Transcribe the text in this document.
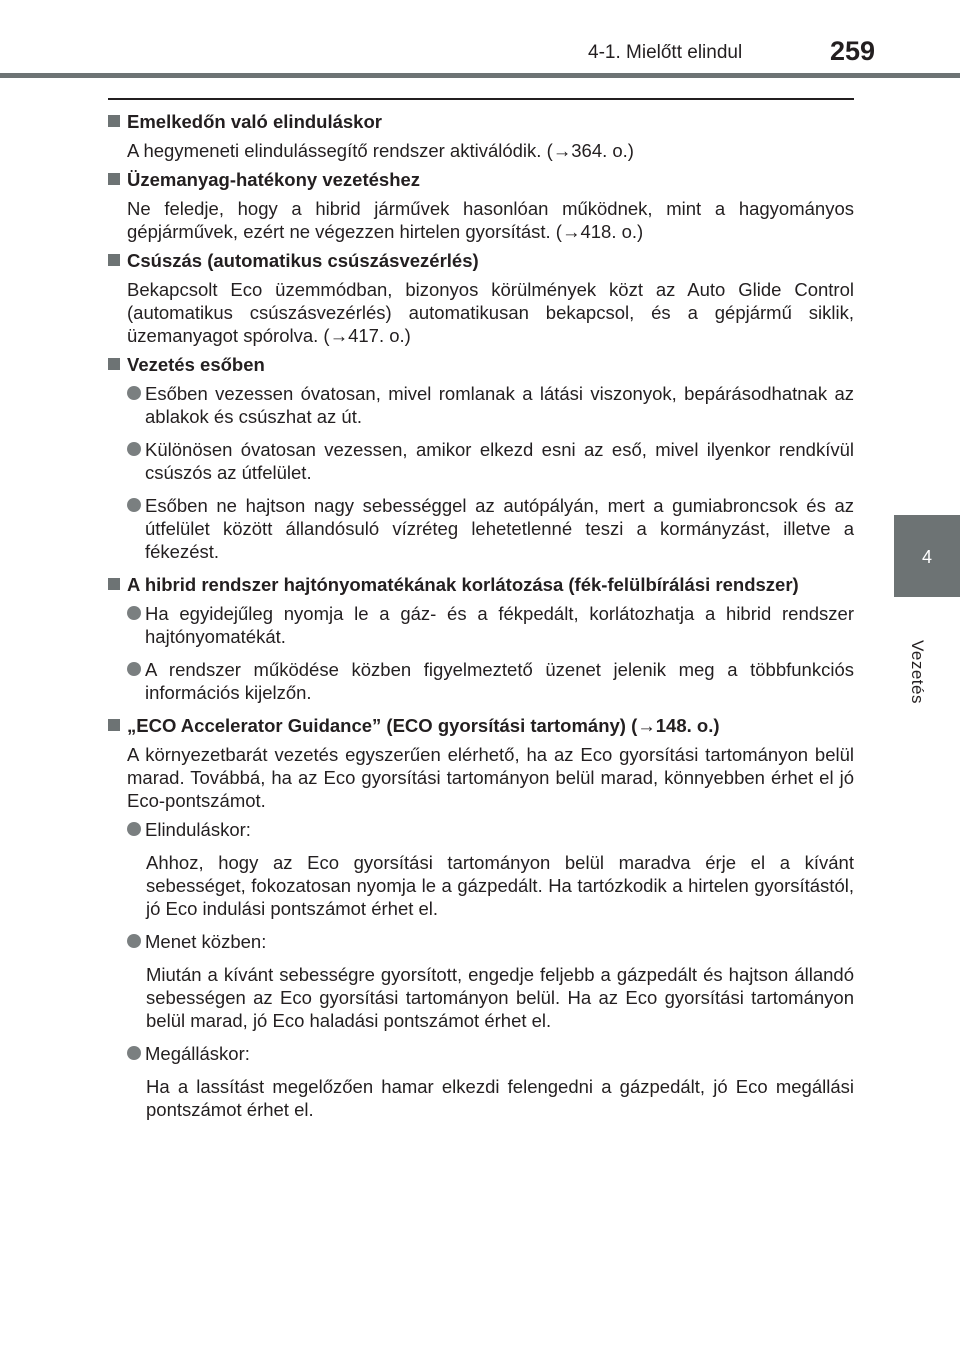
4-1. Mielőtt elindul	259
4
Vezetés
Emelkedőn való elinduláskor
A hegymeneti elindulássegítő rendszer aktiválódik. (→364. o.)
Üzemanyag-hatékony vezetéshez
Ne feledje, hogy a hibrid járművek hasonlóan működnek, mint a hagyományos gépjárművek, ezért ne végezzen hirtelen gyorsítást. (→418. o.)
Csúszás (automatikus csúszásvezérlés)
Bekapcsolt Eco üzemmódban, bizonyos körülmények közt az Auto Glide Control (automatikus csúszásvezérlés) automatikusan bekapcsol, és a gépjármű siklik, üzemanyagot spórolva. (→417. o.)
Vezetés esőben
Esőben vezessen óvatosan, mivel romlanak a látási viszonyok, bepárásodhatnak az ablakok és csúszhat az út.
Különösen óvatosan vezessen, amikor elkezd esni az eső, mivel ilyenkor rendkívül csúszós az útfelület.
Esőben ne hajtson nagy sebességgel az autópályán, mert a gumiabroncsok és az útfelület között állandósuló vízréteg lehetetlenné teszi a kormányzást, illetve a fékezést.
A hibrid rendszer hajtónyomatékának korlátozása (fék-felülbírálási rendszer)
Ha egyidejűleg nyomja le a gáz- és a fékpedált, korlátozhatja a hibrid rendszer hajtónyomatékát.
A rendszer működése közben figyelmeztető üzenet jelenik meg a többfunkciós információs kijelzőn.
„ECO Accelerator Guidance” (ECO gyorsítási tartomány) (→148. o.)
A környezetbarát vezetés egyszerűen elérhető, ha az Eco gyorsítási tartományon belül marad. Továbbá, ha az Eco gyorsítási tartományon belül marad, könnyebben érhet el jó Eco-pontszámot.
Elinduláskor:
Ahhoz, hogy az Eco gyorsítási tartományon belül maradva érje el a kívánt sebességet, fokozatosan nyomja le a gázpedált. Ha tartózkodik a hirtelen gyorsítástól, jó Eco indulási pontszámot érhet el.
Menet közben:
Miután a kívánt sebességre gyorsított, engedje feljebb a gázpedált és hajtson állandó sebességen az Eco gyorsítási tartományon belül. Ha az Eco gyorsítási tartományon belül marad, jó Eco haladási pontszámot érhet el.
Megálláskor:
Ha a lassítást megelőzően hamar elkezdi felengedni a gázpedált, jó Eco megállási pontszámot érhet el.
